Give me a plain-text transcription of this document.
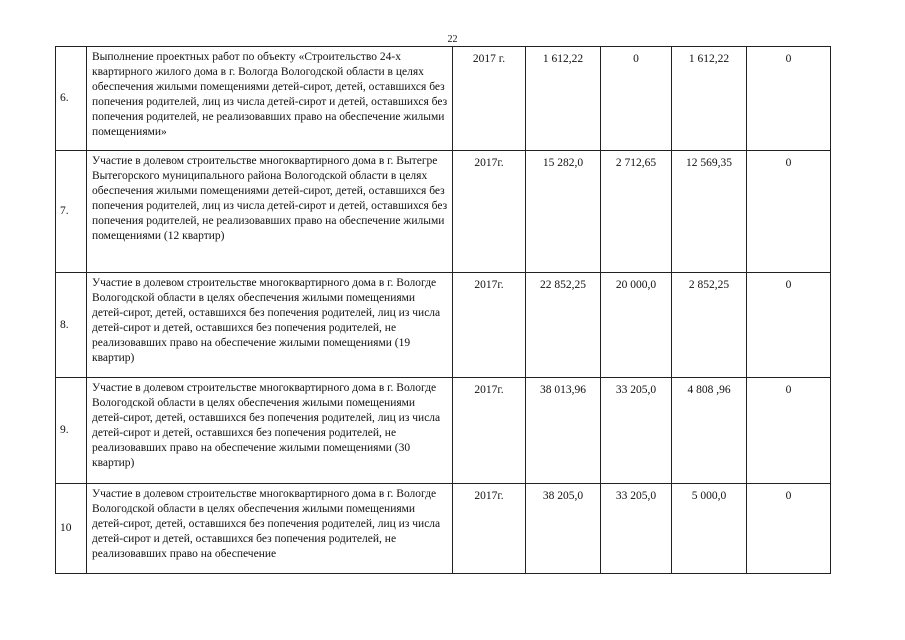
22
6.	Выполнение проектных работ по объекту «Строительство 24-х квартирного жилого дома в г. Вологда Вологодской области в целях обеспечения жилыми помещениями детей-сирот, детей, оставшихся без попечения родителей, лиц из числа детей-сирот и детей, оставшихся без попечения родителей, не реализовавших право на обеспечение жилыми помещениями»	2017 г.	1 612,22	0	1 612,22	0
7.	Участие в долевом строительстве многоквартирного дома в г. Вытегре Вытегорского муниципального района Вологодской области в целях обеспечения жилыми помещениями детей-сирот, детей, оставшихся без попечения родителей, лиц из числа детей-сирот и детей, оставшихся без попечения родителей, не реализовавших право на обеспечение жилыми помещениями (12 квартир)	2017г.	15 282,0	2 712,65	12 569,35	0
8.	Участие в долевом строительстве многоквартирного дома в г. Вологде Вологодской области в целях обеспечения жилыми помещениями детей-сирот, детей, оставшихся без попечения родителей, лиц из числа детей-сирот и детей, оставшихся без попечения родителей, не реализовавших право на обеспечение жилыми помещениями (19 квартир)	2017г.	22 852,25	20 000,0	2 852,25	0
9.	Участие в долевом строительстве многоквартирного дома в г. Вологде Вологодской области в целях обеспечения жилыми помещениями детей-сирот, детей, оставшихся без попечения родителей, лиц из числа детей-сирот и детей, оставшихся без попечения родителей, не реализовавших право на обеспечение жилыми помещениями (30 квартир)	2017г.	38 013,96	33 205,0	4 808 ,96	0
10	Участие в долевом строительстве многоквартирного дома в г. Вологде Вологодской области в целях обеспечения жилыми помещениями детей-сирот, детей, оставшихся без попечения родителей, лиц из числа детей-сирот и детей, оставшихся без попечения родителей, не реализовавших право на обеспечение	2017г.	38 205,0	33 205,0	5 000,0	0
